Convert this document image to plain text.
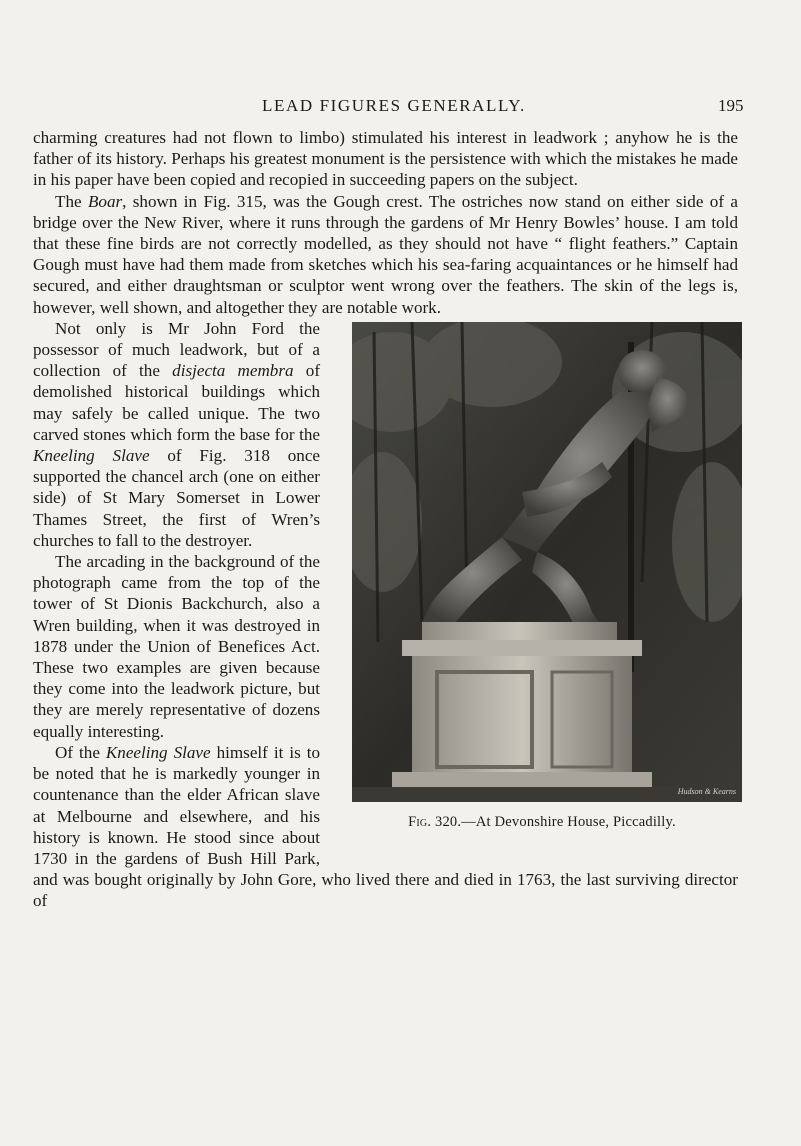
LEAD FIGURES GENERALLY.	195

charming creatures had not flown to limbo) stimulated his interest in leadwork ; anyhow he is the father of its history. Perhaps his greatest monument is the persistence with which the mistakes he made in his paper have been copied and recopied in succeeding papers on the subject.

The Boar, shown in Fig. 315, was the Gough crest. The ostriches now stand on either side of a bridge over the New River, where it runs through the gardens of Mr Henry Bowles’ house. I am told that these fine birds are not correctly modelled, as they should not have “ flight feathers.” Captain Gough must have had them made from sketches which his sea-faring acquaintances or he himself had secured, and either draughtsman or sculptor went wrong over the feathers. The skin of the legs is, however, well shown, and altogether they are notable work.

Hudson & Kearns
Fig. 320.—At Devonshire House, Piccadilly.

Not only is Mr John Ford the possessor of much leadwork, but of a collection of the disjecta membra of demolished historical buildings which may safely be called unique. The two carved stones which form the base for the Kneeling Slave of Fig. 318 once supported the chancel arch (one on either side) of St Mary Somerset in Lower Thames Street, the first of Wren’s churches to fall to the destroyer.

The arcading in the background of the photograph came from the top of the tower of St Dionis Backchurch, also a Wren building, when it was destroyed in 1878 under the Union of Benefices Act. These two examples are given because they come into the leadwork picture, but they are merely representative of dozens equally interesting.

Of the Kneeling Slave himself it is to be noted that he is markedly younger in countenance than the elder African slave at Melbourne and elsewhere, and his history is known. He stood since about 1730 in the gardens of Bush Hill Park, and was bought originally by John Gore, who lived there and died in 1763, the last surviving director of
